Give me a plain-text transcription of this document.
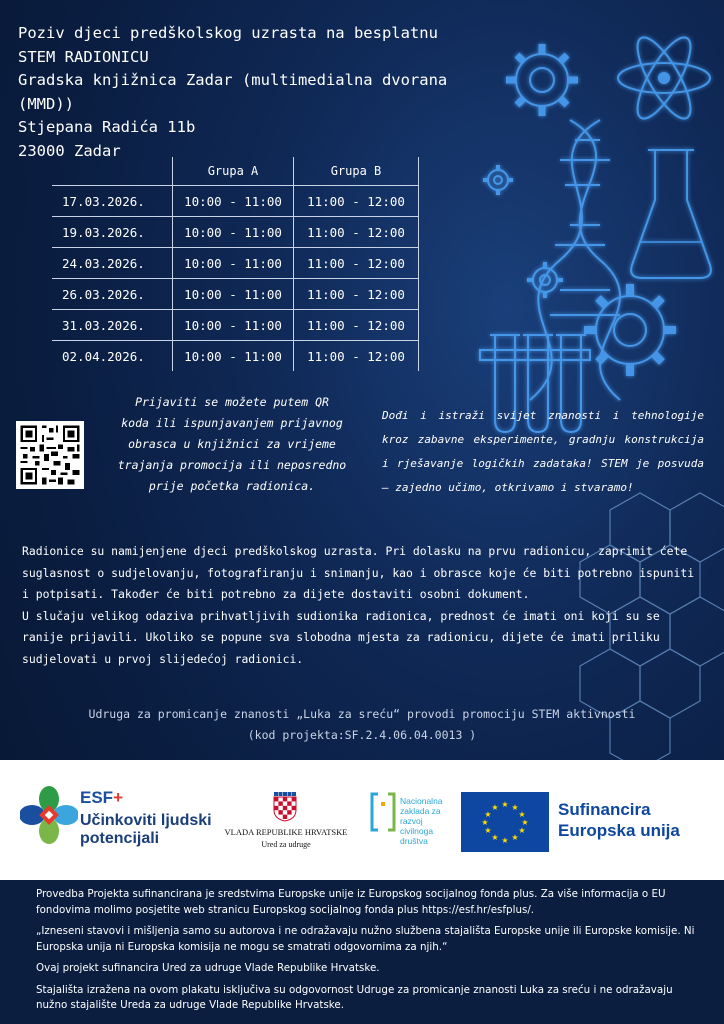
Poziv djeci predškolskog uzrasta na besplatnu
STEM RADIONICU
Gradska knjižnica Zadar (multimedialna dvorana
(MMD))
Stjepana Radića 11b
23000 Zadar
	Grupa A	Grupa B
17.03.2026.	10:00 - 11:00	11:00 - 12:00
19.03.2026.	10:00 - 11:00	11:00 - 12:00
24.03.2026.	10:00 - 11:00	11:00 - 12:00
26.03.2026.	10:00 - 11:00	11:00 - 12:00
31.03.2026.	10:00 - 11:00	11:00 - 12:00
02.04.2026.	10:00 - 11:00	11:00 - 12:00
Prijaviti se možete putem QR
koda ili ispunjavanjem prijavnog
obrasca u knjižnici za vrijeme
trajanja promocija ili neposredno
prije početka radionica.
Dođi i istraži svijet znanosti i tehnologije kroz zabavne eksperimente, gradnju konstrukcija i rješavanje logičkih zadataka! STEM je posvuda – zajedno učimo, otkrivamo i stvaramo!

Radionice su namijenjene djeci predškolskog uzrasta. Pri dolasku na prvu radionicu, zaprimit ćete suglasnost o sudjelovanju, fotografiranju i snimanju, kao i obrasce koje će biti potrebno ispuniti i potpisati. Također će biti potrebno za dijete dostaviti osobni dokument.

U slučaju velikog odaziva prihvatljivih sudionika radionica, prednost će imati oni koji su se ranije prijavili. Ukoliko se popune sva slobodna mjesta za radionicu, dijete će imati priliku sudjelovati u prvoj slijedećoj radionici.

Udruga za promicanje znanosti „Luka za sreću“ provodi promociju STEM aktivnosti
(kod projekta:SF.2.4.06.04.0013 )
ESF+
Učinkoviti ljudski
potencijali	VLADA REPUBLIKE HRVATSKE
Ured za udruge
Nacionalna
zaklada za
razvoj
civilnoga
društva
★ ★
★
★
★
★
★
★
★
★
★
★	Sufinancira
Europska unija

Provedba Projekta sufinancirana je sredstvima Europske unije iz Europskog socijalnog fonda plus. Za više informacija o EU fondovima molimo posjetite web stranicu Europskog socijalnog fonda plus https://esf.hr/esfplus/.

„Izneseni stavovi i mišljenja samo su autorova i ne odražavaju nužno službena stajališta Europske unije ili Europske komisije. Ni Europska unija ni Europska komisija ne mogu se smatrati odgovornima za njih.“

Ovaj projekt sufinancira Ured za udruge Vlade Republike Hrvatske.
Stajališta izražena na ovom plakatu isključiva su odgovornost Udruge za promicanje znanosti Luka za sreću i ne odražavaju nužno stajalište Ureda za udruge Vlade Republike Hrvatske.
